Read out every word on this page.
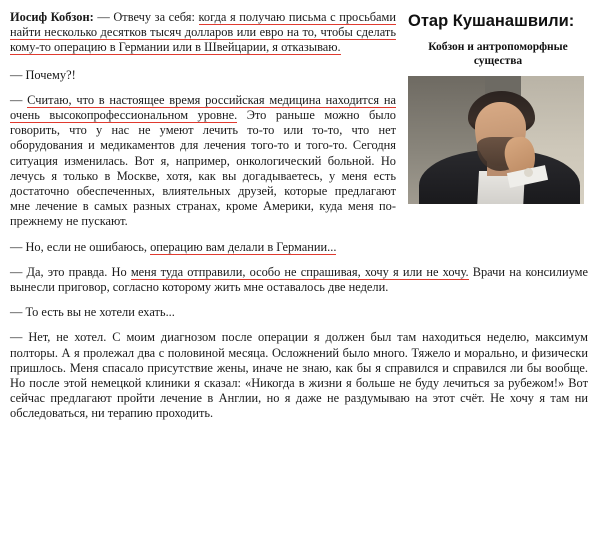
Отар Кушанашвили:
Кобзон и антропоморфные существа

Иосиф Кобзон: — Отвечу за себя: когда я получаю письма с просьбами найти несколько десятков тысяч долларов или евро на то, чтобы сделать кому-то операцию в Германии или в Швейцарии, я отказываю.

— Почему?!

— Считаю, что в настоящее время российская медицина находится на очень высокопрофессиональном уровне. Это раньше можно было говорить, что у нас не умеют лечить то-то или то-то, что нет оборудования и медикаментов для лечения того-то и того-то. Сегодня ситуация изменилась. Вот я, например, онкологический больной. Но лечусь я только в Москве, хотя, как вы догадываетесь, у меня есть достаточно обеспеченных, влиятельных друзей, которые предлагают мне лечение в самых разных странах, кроме Америки, куда меня по-прежнему не пускают.

— Но, если не ошибаюсь, операцию вам делали в Германии...

— Да, это правда. Но меня туда отправили, особо не спрашивая, хочу я или не хочу. Врачи на консилиуме вынесли приговор, согласно которому жить мне оставалось две недели.

— То есть вы не хотели ехать...

— Нет, не хотел. С моим диагнозом после операции я должен был там находиться неделю, максимум полторы. А я пролежал два с половиной месяца. Осложнений было много. Тяжело и морально, и физически пришлось. Меня спасало присутствие жены, иначе не знаю, как бы я справился и справился ли бы вообще. Но после этой немецкой клиники я сказал: «Никогда в жизни я больше не буду лечиться за рубежом!» Вот сейчас предлагают пройти лечение в Англии, но я даже не раздумываю на этот счёт. Не хочу я там ни обследоваться, ни терапию проходить.
